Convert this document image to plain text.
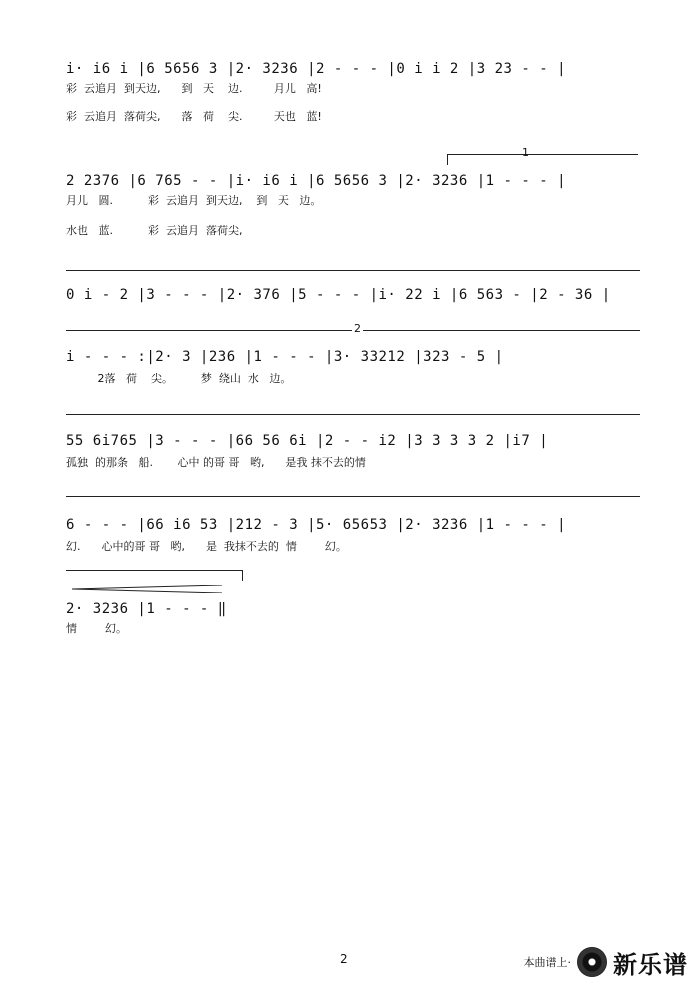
i· i6 i |6 5656 3 |2· 3236 |2 - - - |0 i i 2 |3 23 - - |
彩  云追月  到天边,      到   天    边.         月儿   高!
彩  云追月  落荷尖,      落   荷    尖.         天也   蓝!
1
2 2376 |6 765 - - |i· i6 i |6 5656 3 |2· 3236 |1 - - - |
月儿   圆.          彩  云追月  到天边,    到   天   边。
水也   蓝.          彩  云追月  落荷尖,
0 i - 2 |3 - - - |2· 376 |5 - - - |i· 22 i |6 563 - |2 - 36 |
2
i - - - :|2· 3 |236 |1 - - - |3· 33212 |323 - 5 |
2落   荷    尖。        梦  绕山  水   边。
55 6i765 |3 - - - |66 56 6i |2 - - i2 |3 3 3 3 2 |i7 |
孤独  的那条   船.       心中 的哥 哥   哟,      是我 抹不去的情
6 - - - |66 i6 53 |212 - 3 |5· 65653 |2· 3236 |1 - - - |
幻.      心中的哥 哥   哟,      是  我抹不去的  情        幻。
2· 3236 |1 - - - ‖
情        幻。
2	本曲谱上· 新乐谱
